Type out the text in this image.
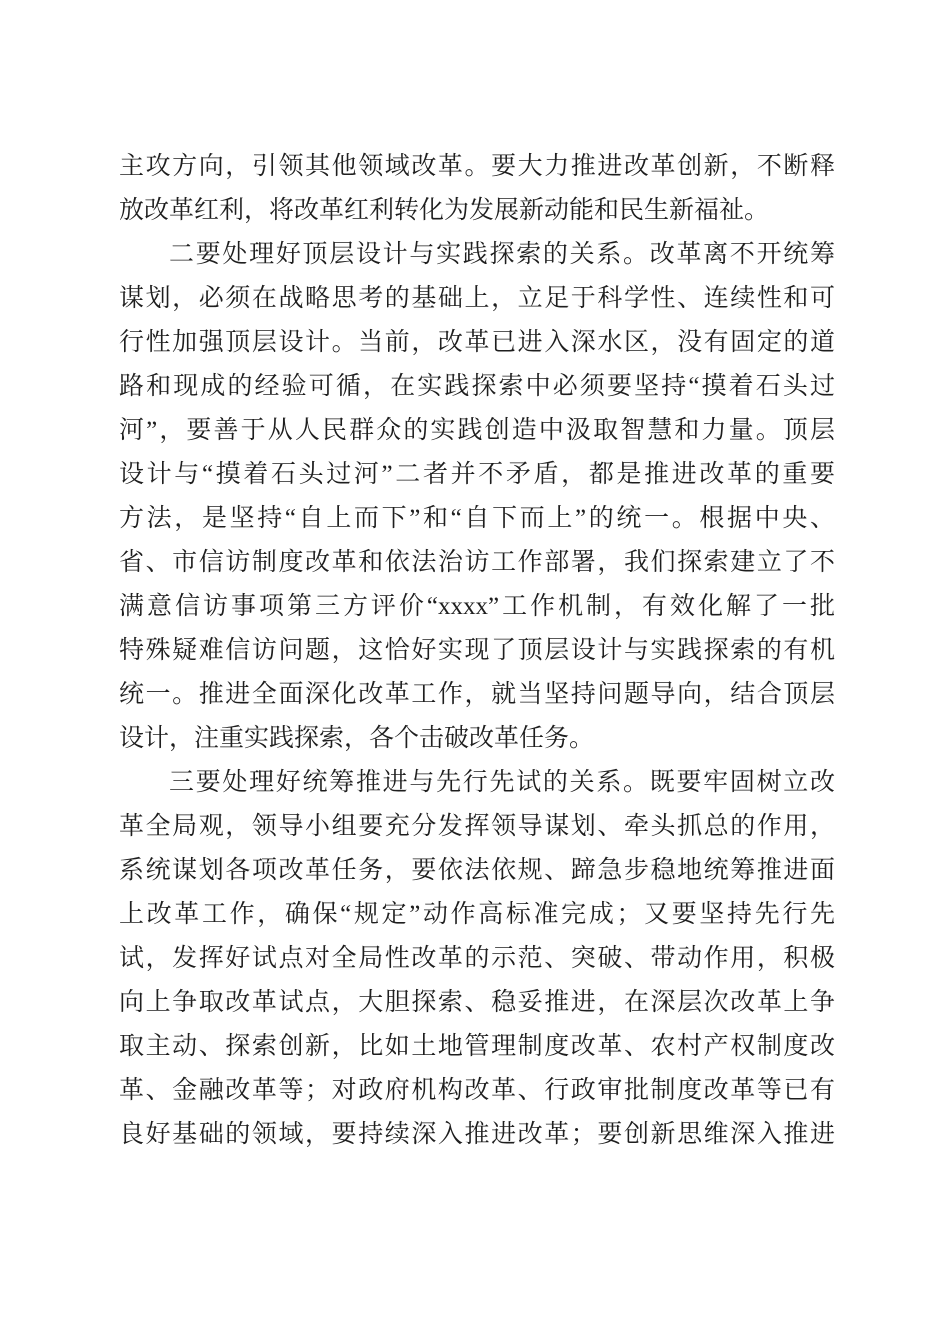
主攻方向，引领其他领域改革。要大力推进改革创新，不断释
放改革红利，将改革红利转化为发展新动能和民生新福祉。
二要处理好顶层设计与实践探索的关系。改革离不开统筹
谋划，必须在战略思考的基础上，立足于科学性、连续性和可
行性加强顶层设计。当前，改革已进入深水区，没有固定的道
路和现成的经验可循，在实践探索中必须要坚持“摸着石头过
河”，要善于从人民群众的实践创造中汲取智慧和力量。顶层
设计与“摸着石头过河”二者并不矛盾，都是推进改革的重要
方法，是坚持“自上而下”和“自下而上”的统一。根据中央、
省、市信访制度改革和依法治访工作部署，我们探索建立了不
满意信访事项第三方评价“xxxx”工作机制，有效化解了一批
特殊疑难信访问题，这恰好实现了顶层设计与实践探索的有机
统一。推进全面深化改革工作，就当坚持问题导向，结合顶层
设计，注重实践探索，各个击破改革任务。
三要处理好统筹推进与先行先试的关系。既要牢固树立改
革全局观，领导小组要充分发挥领导谋划、牵头抓总的作用，
系统谋划各项改革任务，要依法依规、蹄急步稳地统筹推进面
上改革工作，确保“规定”动作高标准完成；又要坚持先行先
试，发挥好试点对全局性改革的示范、突破、带动作用，积极
向上争取改革试点，大胆探索、稳妥推进，在深层次改革上争
取主动、探索创新，比如土地管理制度改革、农村产权制度改
革、金融改革等；对政府机构改革、行政审批制度改革等已有
良好基础的领域，要持续深入推进改革；要创新思维深入推进
